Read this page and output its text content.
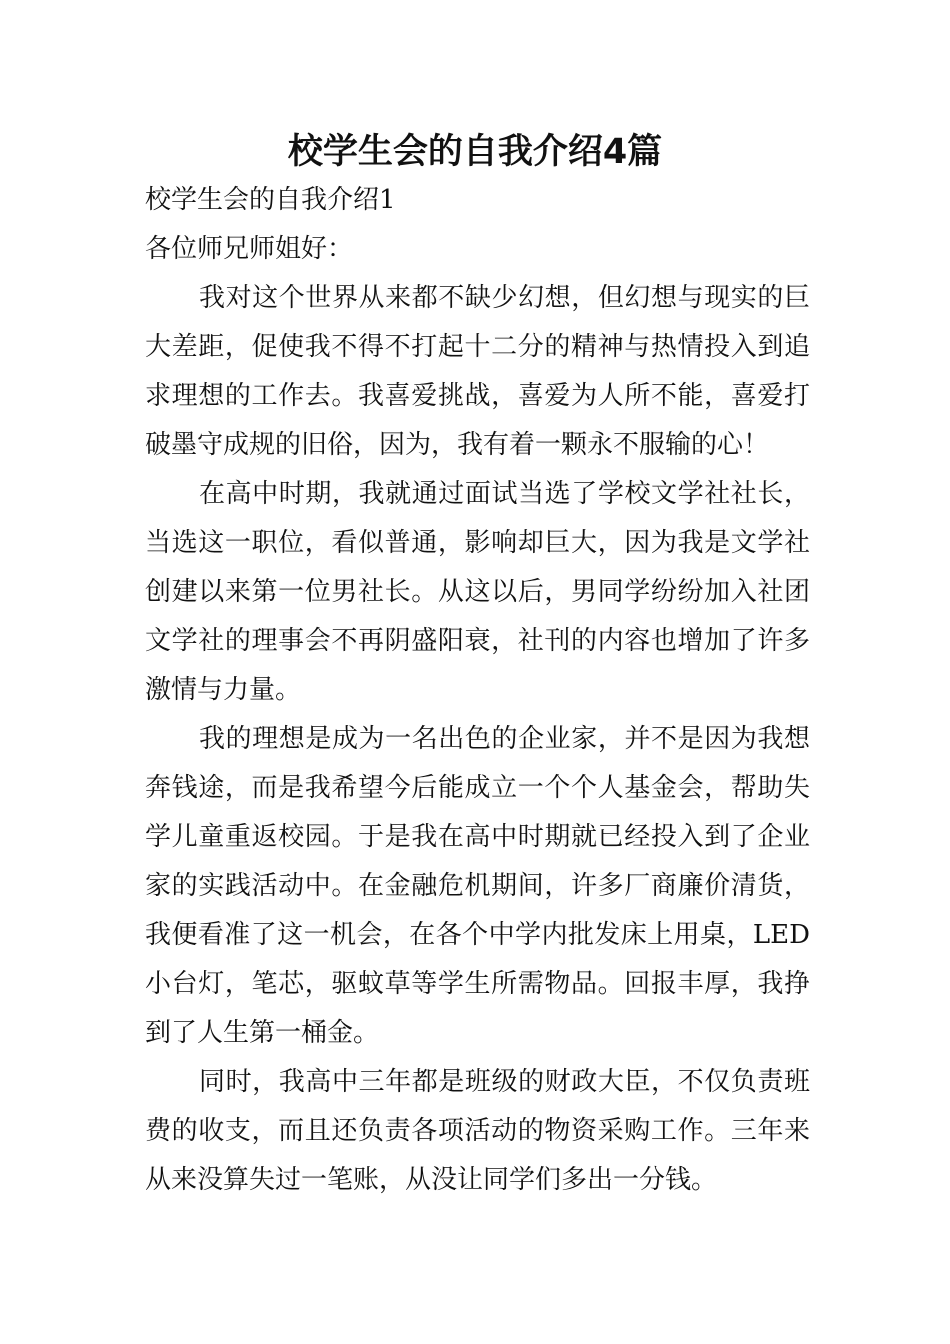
校学生会的自我介绍4篇

校学生会的自我介绍1

各位师兄师姐好：

我对这个世界从来都不缺少幻想，但幻想与现实的巨大差距，促使我不得不打起十二分的精神与热情投入到追求理想的工作去。我喜爱挑战，喜爱为人所不能，喜爱打破墨守成规的旧俗，因为，我有着一颗永不服输的心！

在高中时期，我就通过面试当选了学校文学社社长，当选这一职位，看似普通，影响却巨大，因为我是文学社创建以来第一位男社长。从这以后，男同学纷纷加入社团文学社的理事会不再阴盛阳衰，社刊的内容也增加了许多激情与力量。

我的理想是成为一名出色的企业家，并不是因为我想奔钱途，而是我希望今后能成立一个个人基金会，帮助失学儿童重返校园。于是我在高中时期就已经投入到了企业家的实践活动中。在金融危机期间，许多厂商廉价清货，我便看准了这一机会，在各个中学内批发床上用桌，LED小台灯，笔芯，驱蚊草等学生所需物品。回报丰厚，我挣到了人生第一桶金。

同时，我高中三年都是班级的财政大臣，不仅负责班费的收支，而且还负责各项活动的物资采购工作。三年来从来没算失过一笔账，从没让同学们多出一分钱。
